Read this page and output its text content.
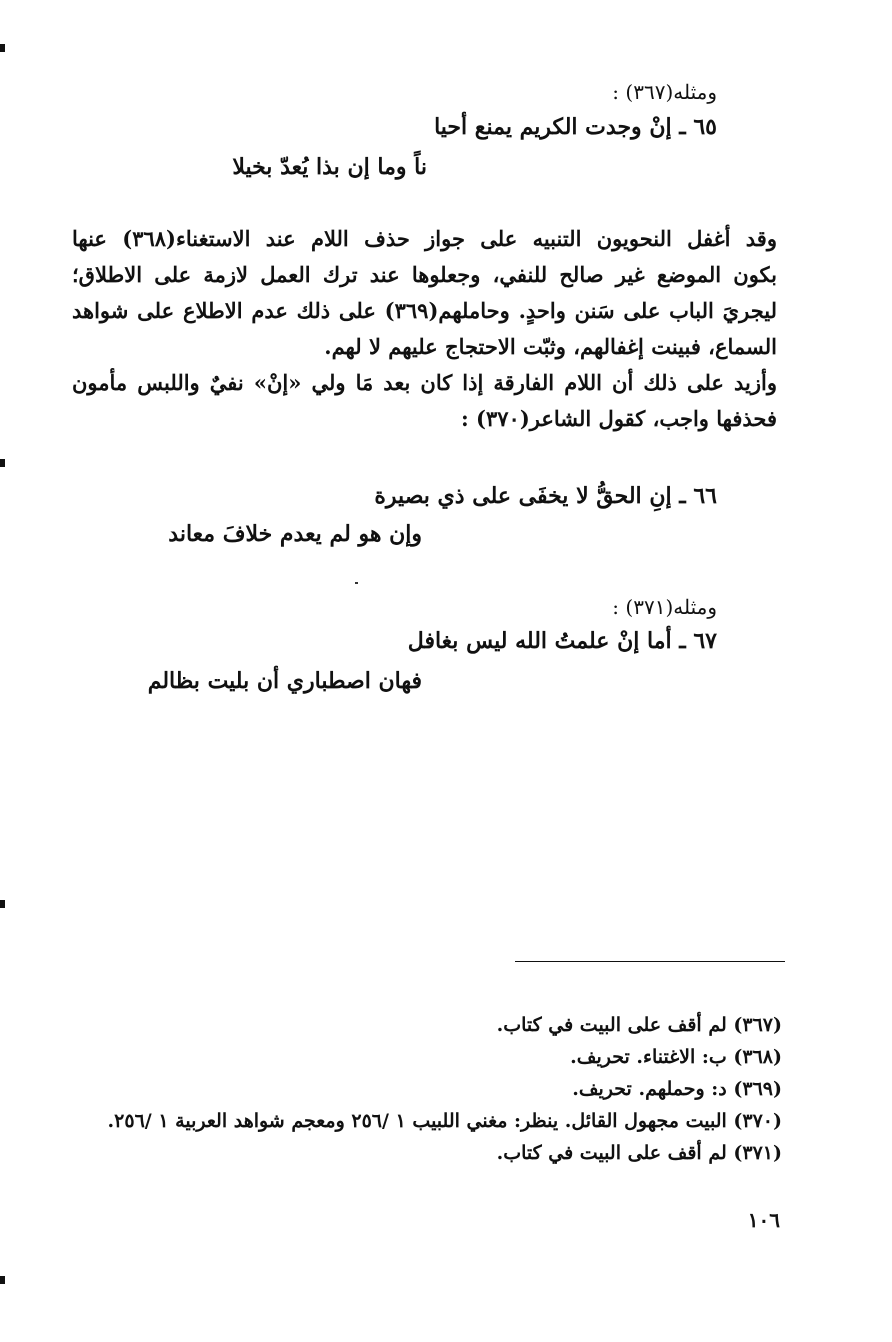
ومثله(٣٦٧) :
٦٥ ـ إنْ وجدت الكريم يمنع أحيا
ناً وما إن بذا يُعدّ بخيلا
وقد أغفل النحويون التنبيه على جواز حذف اللام عند الاستغناء(٣٦٨) عنها
بكون الموضع غير صالح للنفي، وجعلوها عند ترك العمل لازمة على الاطلاق؛
ليجريَ الباب على سَنن واحدٍ. وحاملهم(٣٦٩) على ذلك عدم الاطلاع على شواهد
السماع، فبينت إغفالهم، وثبّت الاحتجاج عليهم لا لهم.
وأزيد على ذلك أن اللام الفارقة إذا كان بعد مَا ولي «إنْ» نفيٌ واللبس مأمون
فحذفها واجب، كقول الشاعر(٣٧٠) :
٦٦ ـ إنِ الحقُّ لا يخفَى على ذي بصيرة
وإن هو لم يعدم خلافَ معاند
ومثله(٣٧١) :
٦٧ ـ أما إنْ علمتُ الله ليس بغافل
فهان اصطباري أن بليت بظالم
(٣٦٧) لم أقف على البيت في كتاب.
(٣٦٨) ب: الاغتناء. تحريف.
(٣٦٩) د: وحملهم. تحريف.
(٣٧٠) البيت مجهول القائل. ينظر: مغني اللبيب ١ /٢٥٦ ومعجم شواهد العربية ١ /٢٥٦.
(٣٧١) لم أقف على البيت في كتاب.
١٠٦
